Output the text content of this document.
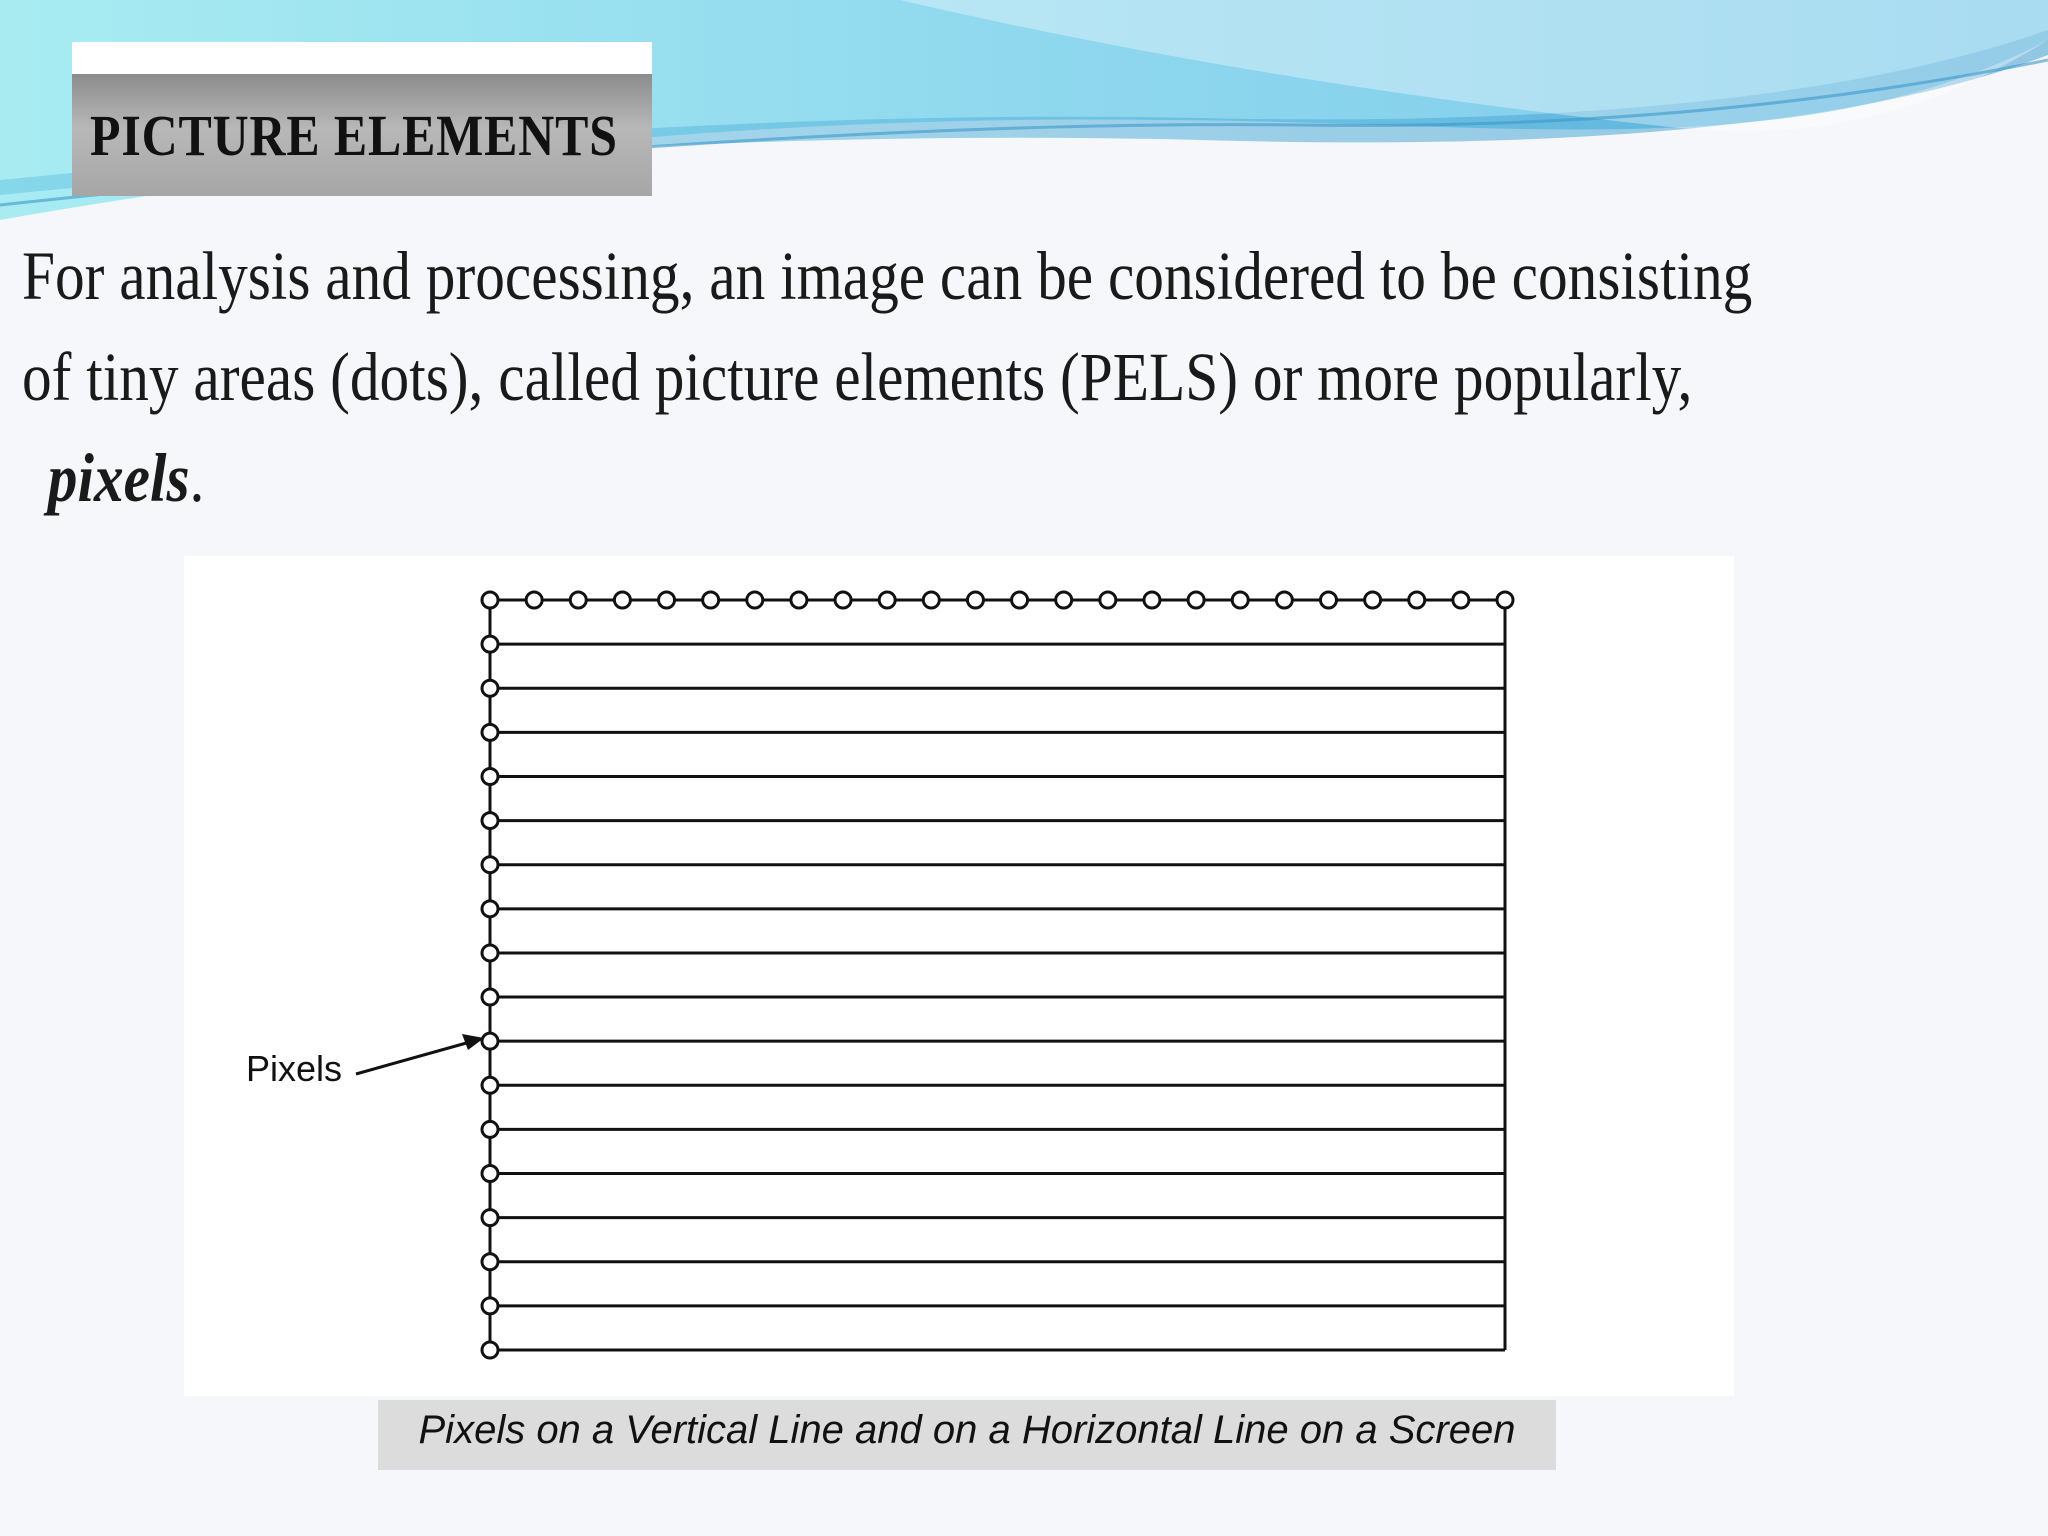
PICTURE ELEMENTS
For analysis and processing, an image can be considered to be consisting
of tiny areas (dots), called picture elements (PELS) or more popularly,
pixels.
Pixels
Pixels on a Vertical Line and on a Horizontal Line on a Screen
